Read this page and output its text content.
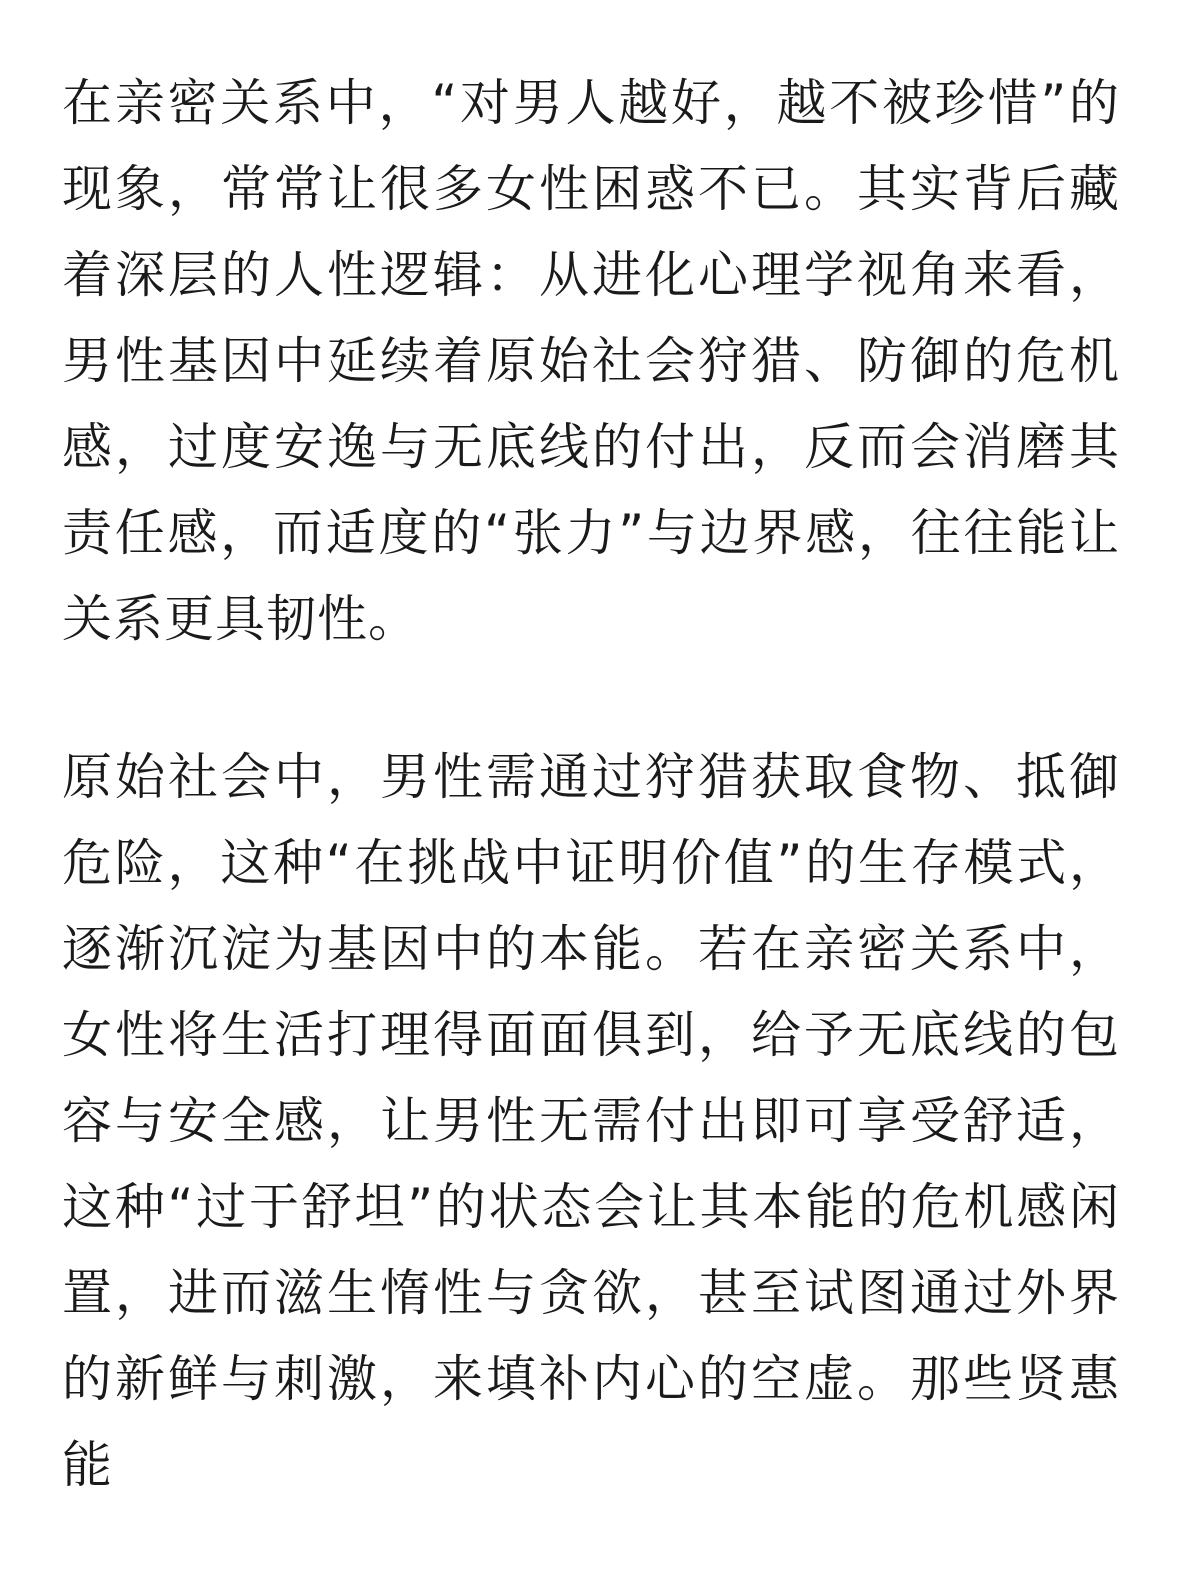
在亲密关系中，“对男人越好，越不被珍惜”的现象，常常让很多女性困惑不已。其实背后藏着深层的人性逻辑：从进化心理学视角来看，男性基因中延续着原始社会狩猎、防御的危机感，过度安逸与无底线的付出，反而会消磨其责任感，而适度的“张力”与边界感，往往能让关系更具韧性。

原始社会中，男性需通过狩猎获取食物、抵御危险，这种“在挑战中证明价值”的生存模式，逐渐沉淀为基因中的本能。若在亲密关系中，女性将生活打理得面面俱到，给予无底线的包容与安全感，让男性无需付出即可享受舒适，这种“过于舒坦”的状态会让其本能的危机感闲置，进而滋生惰性与贪欲，甚至试图通过外界的新鲜与刺激，来填补内心的空虚。那些贤惠能
